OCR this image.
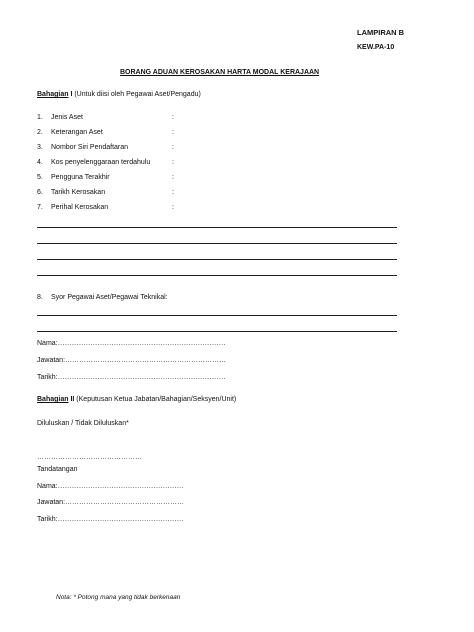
LAMPIRAN B
KEW.PA-10
BORANG ADUAN KEROSAKAN HARTA MODAL KERAJAAN
Bahagian I (Untuk diisi oleh Pegawai Aset/Pengadu)
1. Jenis Aset	:
2. Keterangan Aset	:
3. Nombor Siri Pendaftaran	:
4. Kos penyelenggaraan terdahulu	:
5. Pengguna Terakhir	:
6. Tarikh Kerosakan	:
7. Perihal Kerosakan	:
8. Syor Pegawai Aset/Pegawai Teknikal:
Nama:………………………………………………………………
Jawatan:……………………………………………………………
Tarikh:………………………………………………………………
Bahagian II (Keputusan Ketua Jabatan/Bahagian/Seksyen/Unit)
Diluluskan / Tidak Diluluskan*
………………………………………
Tandatangan
Nama:………………………………………………
Jawatan:……………………………………………
Tarikh:………………………………………………
Nota: * Potong mana yang tidak berkenaan
